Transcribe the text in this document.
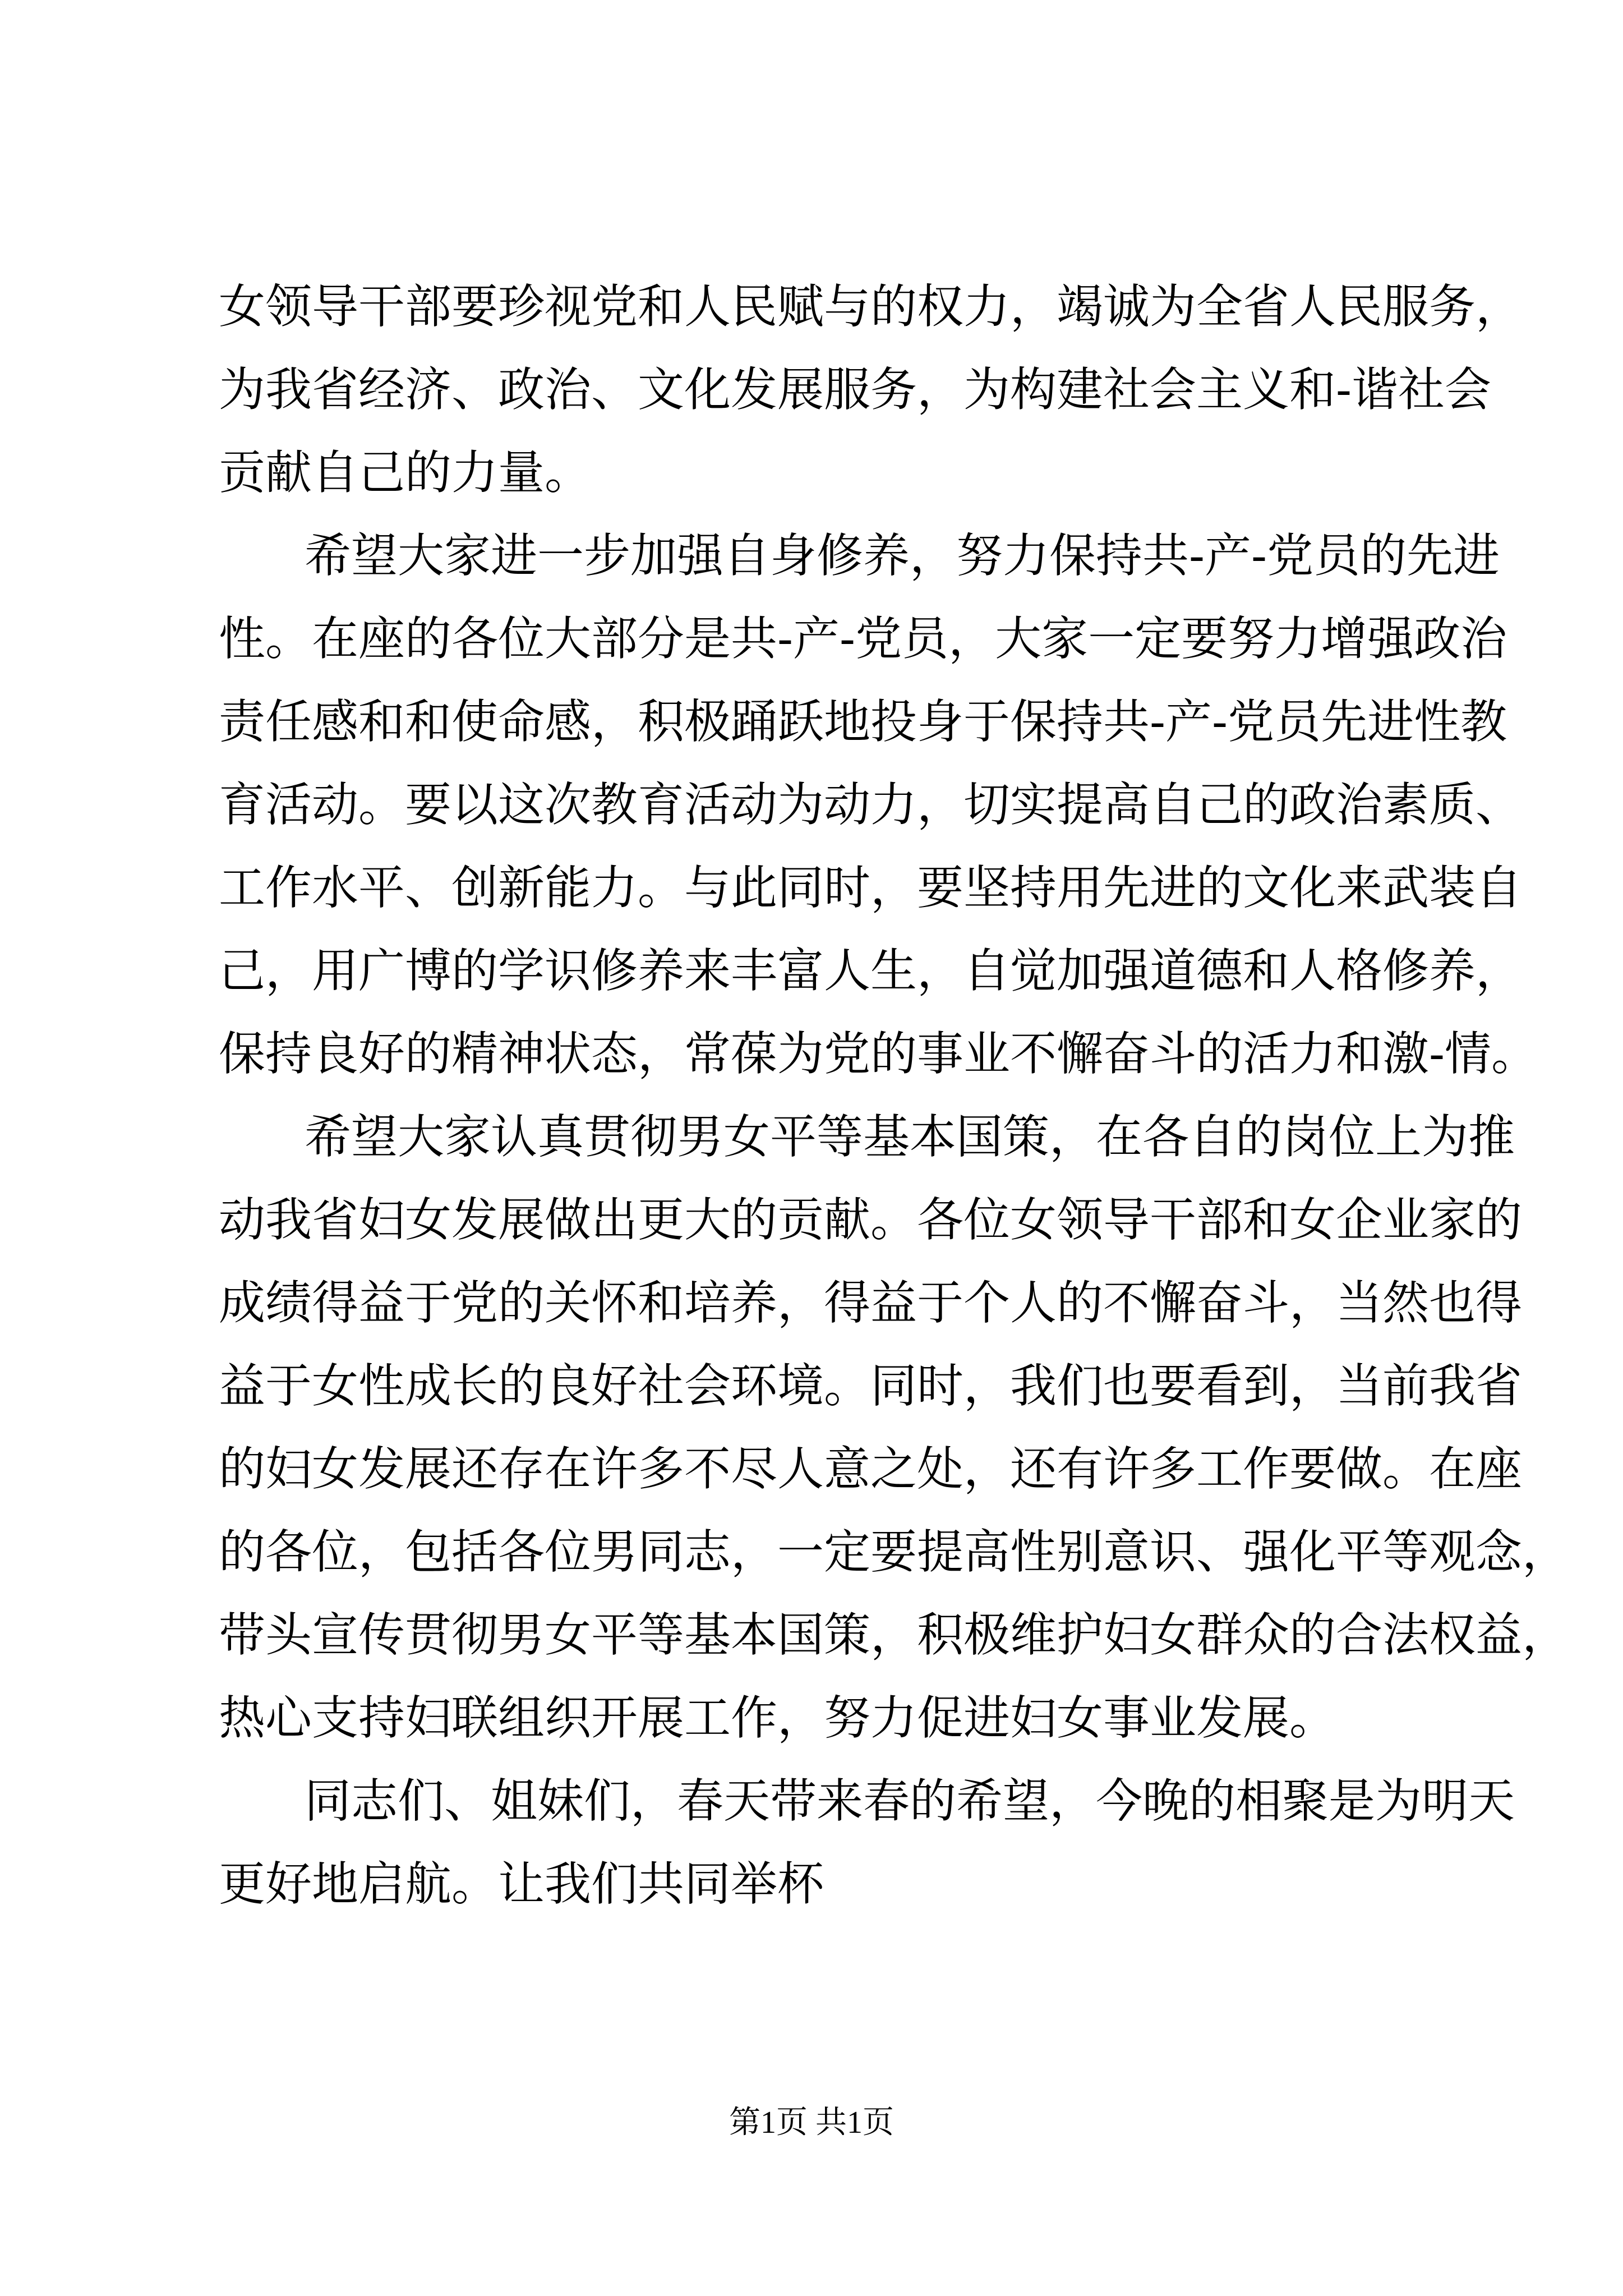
女领导干部要珍视党和人民赋与的权力，竭诚为全省人民服务，
为我省经济、政治、文化发展服务，为构建社会主义和-谐社会
贡献自己的力量。
希望大家进一步加强自身修养，努力保持共-产-党员的先进
性。在座的各位大部分是共-产-党员，大家一定要努力增强政治
责任感和和使命感，积极踊跃地投身于保持共-产-党员先进性教
育活动。要以这次教育活动为动力，切实提高自己的政治素质、
工作水平、创新能力。与此同时，要坚持用先进的文化来武装自
己，用广博的学识修养来丰富人生，自觉加强道德和人格修养，
保持良好的精神状态，常葆为党的事业不懈奋斗的活力和激-情。
希望大家认真贯彻男女平等基本国策，在各自的岗位上为推
动我省妇女发展做出更大的贡献。各位女领导干部和女企业家的
成绩得益于党的关怀和培养，得益于个人的不懈奋斗，当然也得
益于女性成长的良好社会环境。同时，我们也要看到，当前我省
的妇女发展还存在许多不尽人意之处，还有许多工作要做。在座
的各位，包括各位男同志，一定要提高性别意识、强化平等观念，
带头宣传贯彻男女平等基本国策，积极维护妇女群众的合法权益，
热心支持妇联组织开展工作，努力促进妇女事业发展。
同志们、姐妹们，春天带来春的希望，今晚的相聚是为明天
更好地启航。让我们共同举杯
第1页 共1页
